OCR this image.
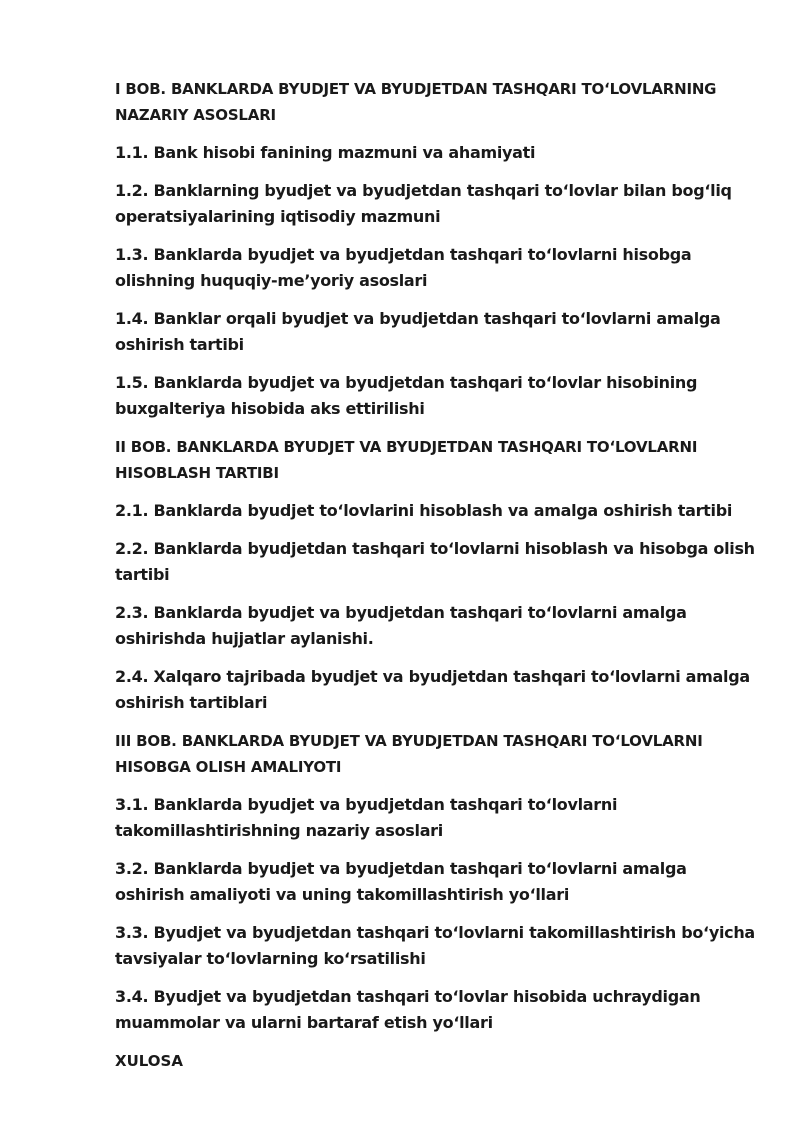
I BOB. BANKLARDA BYUDJET VA BYUDJETDAN TASHQARI TOʻLOVLARNING NAZARIY ASOSLARI
1.1. Bank hisobi fanining mazmuni va ahamiyati
1.2. Banklarning byudjet va byudjetdan tashqari toʻlovlar bilan bogʻliq operatsiyalarining iqtisodiy mazmuni
1.3. Banklarda byudjet va byudjetdan tashqari toʻlovlarni hisobga olishning huquqiy-meʼyoriy asoslari
1.4. Banklar orqali byudjet va byudjetdan tashqari toʻlovlarni amalga oshirish tartibi
1.5. Banklarda byudjet va byudjetdan tashqari toʻlovlar hisobining buxgalteriya hisobida aks ettirilishi
II BOB. BANKLARDA BYUDJET VA BYUDJETDAN TASHQARI TOʻLOVLARNI HISOBLASH TARTIBI
2.1. Banklarda byudjet toʻlovlarini hisoblash va amalga oshirish tartibi
2.2. Banklarda byudjetdan tashqari toʻlovlarni hisoblash va hisobga olish tartibi
2.3. Banklarda byudjet va byudjetdan tashqari toʻlovlarni amalga oshirishda hujjatlar aylanishi.
2.4. Xalqaro tajribada byudjet va byudjetdan tashqari toʻlovlarni amalga oshirish tartiblari
III BOB. BANKLARDA BYUDJET VA BYUDJETDAN TASHQARI TOʻLOVLARNI HISOBGA OLISH AMALIYOTI
3.1. Banklarda byudjet va byudjetdan tashqari toʻlovlarni takomillashtirishning nazariy asoslari
3.2. Banklarda byudjet va byudjetdan tashqari toʻlovlarni amalga oshirish amaliyoti va uning takomillashtirish yoʻllari
3.3. Byudjet va byudjetdan tashqari toʻlovlarni takomillashtirish boʻyicha tavsiyalar toʻlovlarning koʻrsatilishi
3.4. Byudjet va byudjetdan tashqari toʻlovlar hisobida uchraydigan muammolar va ularni bartaraf etish yoʻllari
XULOSA
